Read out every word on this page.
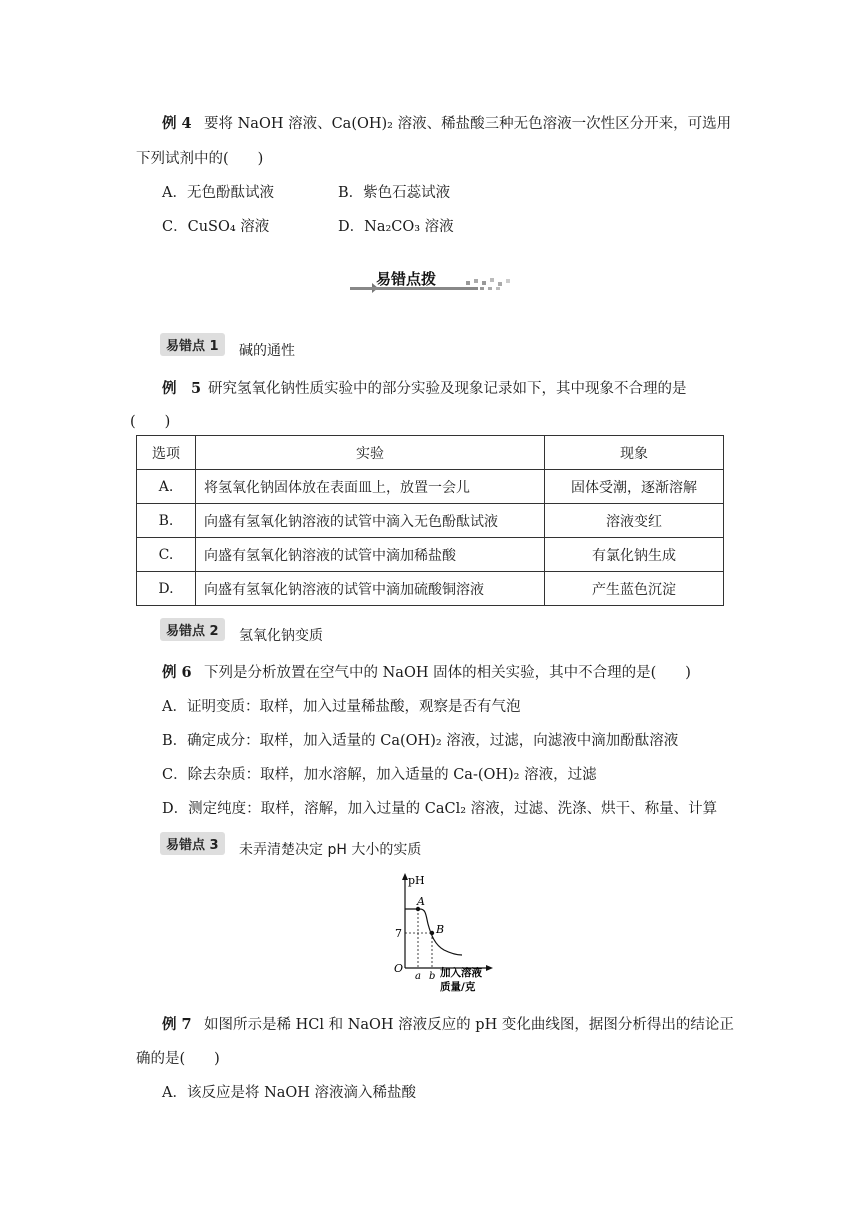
例 4 要将 NaOH 溶液、Ca(OH)₂ 溶液、稀盐酸三种无色溶液一次性区分开来，可选用
下列试剂中的(　　)
A．无色酚酞试液	B．紫色石蕊试液
C．CuSO₄ 溶液	D．Na₂CO₃ 溶液
易错点拨
易错点 1	碱的通性
例　5 研究氢氧化钠性质实验中的部分实验及现象记录如下，其中现象不合理的是
(　　)
选项	实验	现象
A.	将氢氧化钠固体放在表面皿上，放置一会儿	固体受潮，逐渐溶解
B.	向盛有氢氧化钠溶液的试管中滴入无色酚酞试液	溶液变红
C.	向盛有氢氧化钠溶液的试管中滴加稀盐酸	有氯化钠生成
D.	向盛有氢氧化钠溶液的试管中滴加硫酸铜溶液	产生蓝色沉淀
易错点 2	氢氧化钠变质
例 6 下列是分析放置在空气中的 NaOH 固体的相关实验，其中不合理的是(　　)
A．证明变质：取样，加入过量稀盐酸，观察是否有气泡
B．确定成分：取样，加入适量的 Ca(OH)₂ 溶液，过滤，向滤液中滴加酚酞溶液
C．除去杂质：取样，加水溶解，加入适量的 Ca-(OH)₂ 溶液，过滤
D．测定纯度：取样，溶解，加入过量的 CaCl₂ 溶液，过滤、洗涤、烘干、称量、计算
易错点 3	未弄清楚决定 pH 大小的实质
pH
7
O
A
B
a b 加入溶液
质量/克
例 7 如图所示是稀 HCl 和 NaOH 溶液反应的 pH 变化曲线图，据图分析得出的结论正
确的是(　　)
A．该反应是将 NaOH 溶液滴入稀盐酸
